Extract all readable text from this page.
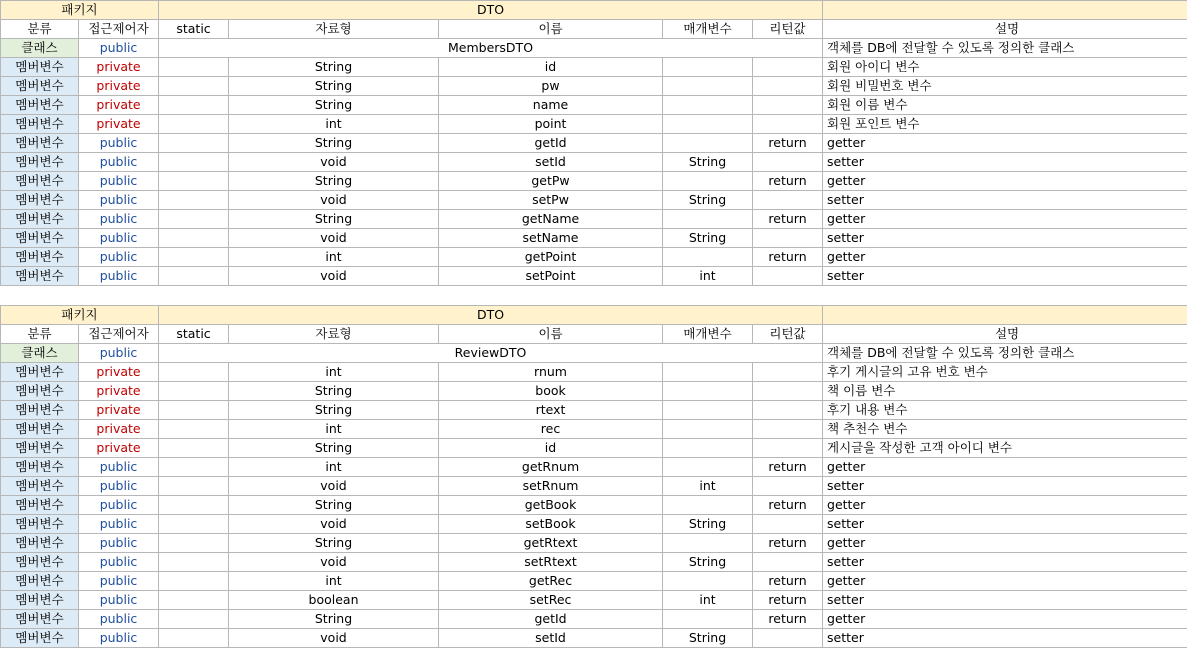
패키지		DTO					
분류	접근제어자	static	자료형	이름	매개변수	리턴값	설명
클래스	public	MembersDTO					객체를 DB에 전달할 수 있도록 정의한 클래스
멤버변수	private		String	id			회원 아이디 변수
멤버변수	private		String	pw			회원 비밀번호 변수
멤버변수	private		String	name			회원 이름 변수
멤버변수	private		int	point			회원 포인트 변수
멤버변수	public		String	getId		return	getter
멤버변수	public		void	setId	String		setter
멤버변수	public		String	getPw		return	getter
멤버변수	public		void	setPw	String		setter
멤버변수	public		String	getName		return	getter
멤버변수	public		void	setName	String		setter
멤버변수	public		int	getPoint		return	getter
멤버변수	public		void	setPoint	int		setter
패키지		DTO					
분류	접근제어자	static	자료형	이름	매개변수	리턴값	설명
클래스	public	ReviewDTO					객체를 DB에 전달할 수 있도록 정의한 클래스
멤버변수	private		int	rnum			후기 게시글의 고유 번호 변수
멤버변수	private		String	book			책 이름 변수
멤버변수	private		String	rtext			후기 내용 변수
멤버변수	private		int	rec			책 추천수 변수
멤버변수	private		String	id			게시글을 작성한 고객 아이디 변수
멤버변수	public		int	getRnum		return	getter
멤버변수	public		void	setRnum	int		setter
멤버변수	public		String	getBook		return	getter
멤버변수	public		void	setBook	String		setter
멤버변수	public		String	getRtext		return	getter
멤버변수	public		void	setRtext	String		setter
멤버변수	public		int	getRec		return	getter
멤버변수	public		boolean	setRec	int	return	setter
멤버변수	public		String	getId		return	getter
멤버변수	public		void	setId	String		setter
